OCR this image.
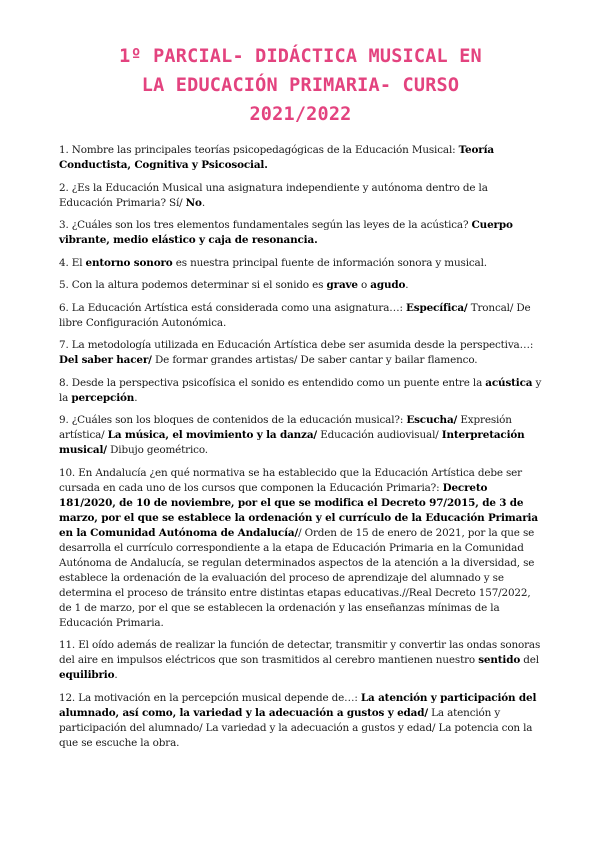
1º PARCIAL- DIDÁCTICA MUSICAL EN
LA EDUCACIÓN PRIMARIA- CURSO
2021/2022

1. Nombre las principales teorías psicopedagógicas de la Educación Musical: Teoría Conductista, Cognitiva y Psicosocial.

2. ¿Es la Educación Musical una asignatura independiente y autónoma dentro de la Educación Primaria? Sí/ No.

3. ¿Cuáles son los tres elementos fundamentales según las leyes de la acústica? Cuerpo vibrante, medio elástico y caja de resonancia.

4. El entorno sonoro es nuestra principal fuente de información sonora y musical.

5. Con la altura podemos determinar si el sonido es grave o agudo.

6. La Educación Artística está considerada como una asignatura…: Específica/ Troncal/ De libre Configuración Autonómica.

7. La metodología utilizada en Educación Artística debe ser asumida desde la perspectiva…: Del saber hacer/ De formar grandes artistas/ De saber cantar y bailar flamenco.

8. Desde la perspectiva psicofísica el sonido es entendido como un puente entre la acústica y la percepción.

9. ¿Cuáles son los bloques de contenidos de la educación musical?: Escucha/ Expresión artística/ La música, el movimiento y la danza/ Educación audiovisual/ Interpretación musical/ Dibujo geométrico.

10. En Andalucía ¿en qué normativa se ha establecido que la Educación Artística debe ser cursada en cada uno de los cursos que componen la Educación Primaria?: Decreto 181/2020, de 10 de noviembre, por el que se modifica el Decreto 97/2015, de 3 de marzo, por el que se establece la ordenación y el currículo de la Educación Primaria en la Comunidad Autónoma de Andalucía// Orden de 15 de enero de 2021, por la que se desarrolla el currículo correspondiente a la etapa de Educación Primaria en la Comunidad Autónoma de Andalucía, se regulan determinados aspectos de la atención a la diversidad, se establece la ordenación de la evaluación del proceso de aprendizaje del alumnado y se determina el proceso de tránsito entre distintas etapas educativas.//Real Decreto 157/2022, de 1 de marzo, por el que se establecen la ordenación y las enseñanzas mínimas de la Educación Primaria.

11. El oído además de realizar la función de detectar, transmitir y convertir las ondas sonoras del aire en impulsos eléctricos que son trasmitidos al cerebro mantienen nuestro sentido del equilibrio.

12. La motivación en la percepción musical depende de…: La atención y participación del alumnado, así como, la variedad y la adecuación a gustos y edad/ La atención y participación del alumnado/ La variedad y la adecuación a gustos y edad/ La potencia con la que se escuche la obra.
